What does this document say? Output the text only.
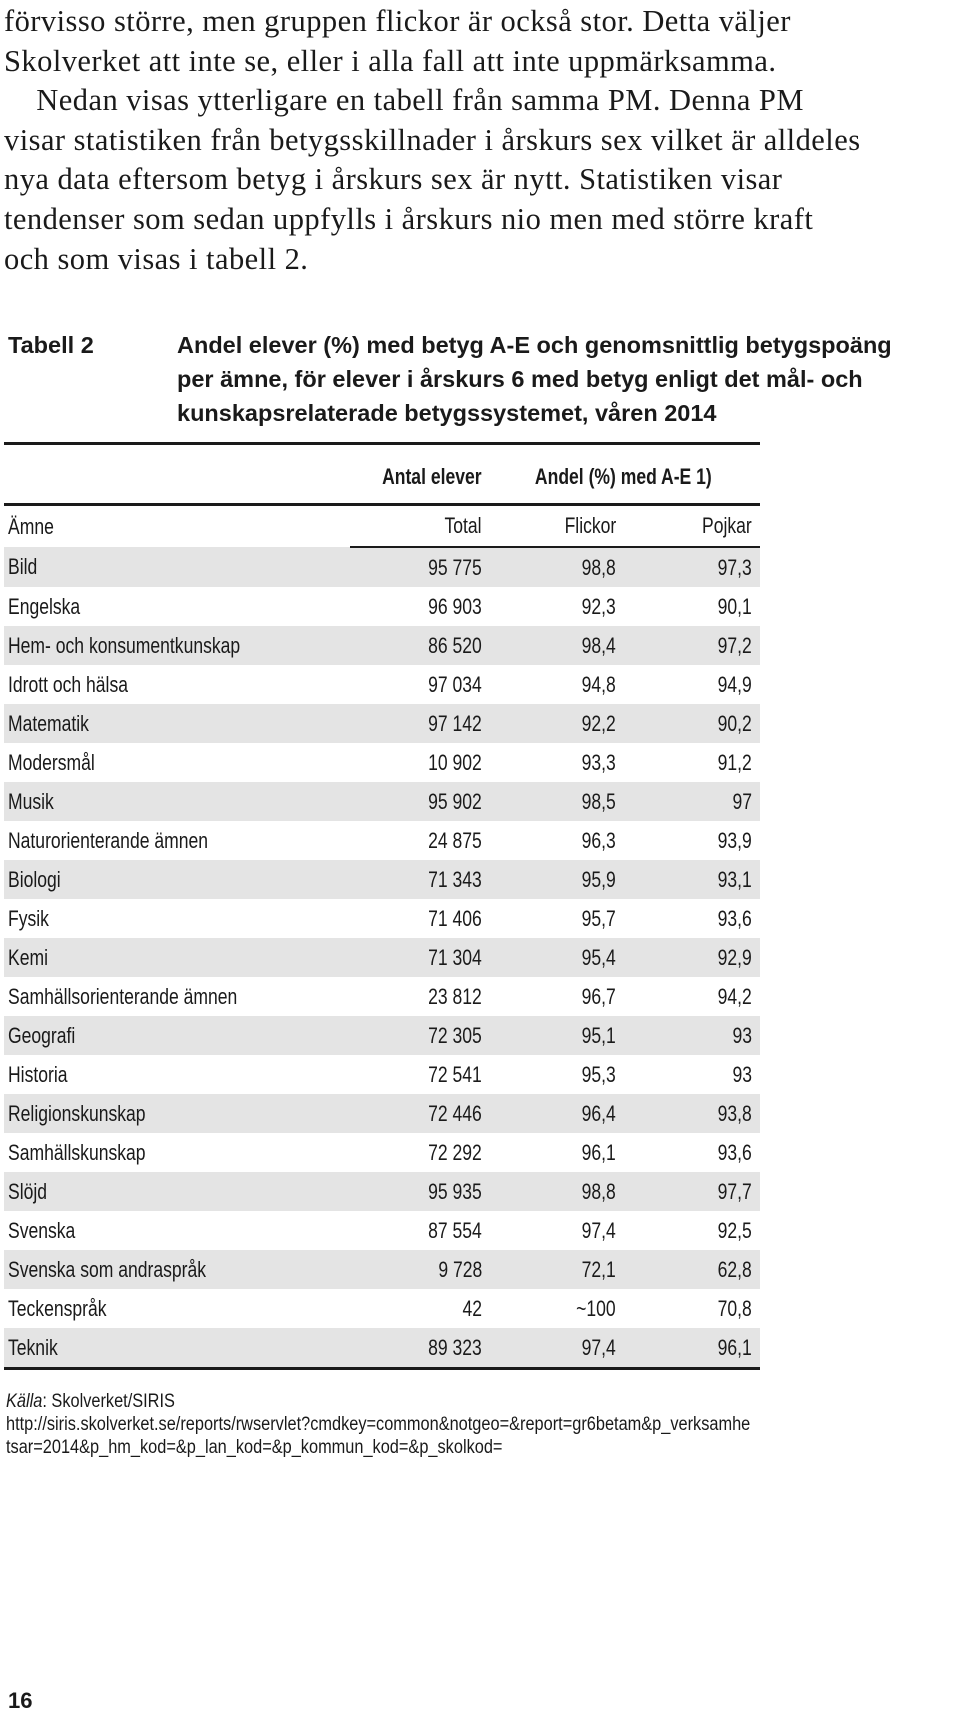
förvisso större, men gruppen flickor är också stor. Detta väljer
Skolverket att inte se, eller i alla fall att inte uppmärksamma.
Nedan visas ytterligare en tabell från samma PM. Denna PM
visar statistiken från betygsskillnader i årskurs sex vilket är alldeles
nya data eftersom betyg i årskurs sex är nytt. Statistiken visar
tendenser som sedan uppfylls i årskurs nio men med större kraft
och som visas i tabell 2.
Tabell 2	Andel elever (%) med betyg A-E och genomsnittlig betygspoäng
per ämne, för elever i årskurs 6 med betyg enligt det mål- och
kunskapsrelaterade betygssystemet, våren 2014
	Antal elever	Andel (%) med A-E 1)	
Ämne	Total	Flickor	Pojkar
Bild	95 775	98,8	97,3
Engelska	96 903	92,3	90,1
Hem- och konsumentkunskap	86 520	98,4	97,2
Idrott och hälsa	97 034	94,8	94,9
Matematik	97 142	92,2	90,2
Modersmål	10 902	93,3	91,2
Musik	95 902	98,5	97
Naturorienterande ämnen	24 875	96,3	93,9
Biologi	71 343	95,9	93,1
Fysik	71 406	95,7	93,6
Kemi	71 304	95,4	92,9
Samhällsorienterande ämnen	23 812	96,7	94,2
Geografi	72 305	95,1	93
Historia	72 541	95,3	93
Religionskunskap	72 446	96,4	93,8
Samhällskunskap	72 292	96,1	93,6
Slöjd	95 935	98,8	97,7
Svenska	87 554	97,4	92,5
Svenska som andraspråk	9 728	72,1	62,8
Teckenspråk	42	~100	70,8
Teknik	89 323	97,4	96,1
Källa: Skolverket/SIRIS
http://siris.skolverket.se/reports/rwservlet?cmdkey=common&notgeo=&report=gr6betam&p_verksamhe
tsar=2014&p_hm_kod=&p_lan_kod=&p_kommun_kod=&p_skolkod=
16
